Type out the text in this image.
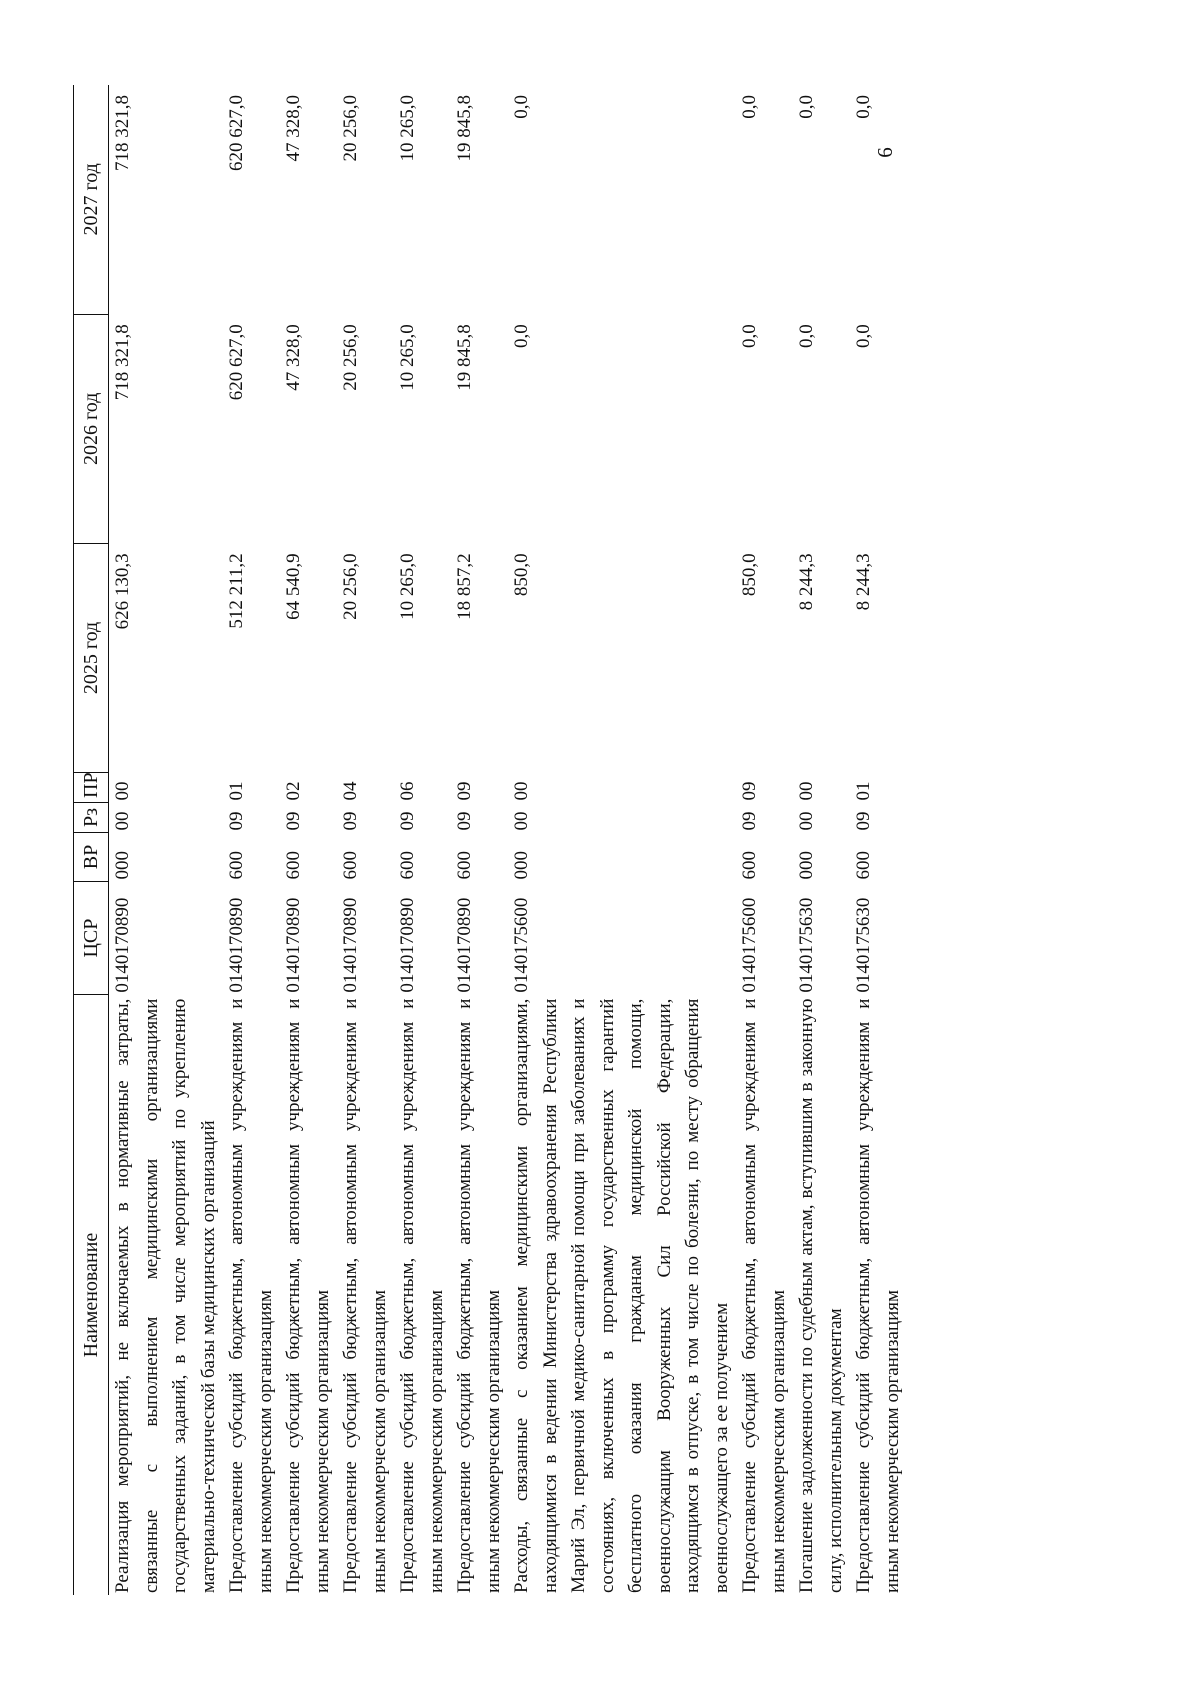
6
Наименование	ЦСР	ВР	Рз	ПР	2025 год	2026 год	2027 год
Реализация мероприятий, не включаемых в нормативные затраты, связанные с выполнением медицинскими организациями государственных заданий, в том числе мероприятий по укреплению материально-технической базы медицинских организаций	0140170890	000	00	00	626 130,3	718 321,8	718 321,8
Предоставление субсидий бюджетным, автономным учреждениям и иным некоммерческим организациям	0140170890	600	09	01	512 211,2	620 627,0	620 627,0
Предоставление субсидий бюджетным, автономным учреждениям и иным некоммерческим организациям	0140170890	600	09	02	64 540,9	47 328,0	47 328,0
Предоставление субсидий бюджетным, автономным учреждениям и иным некоммерческим организациям	0140170890	600	09	04	20 256,0	20 256,0	20 256,0
Предоставление субсидий бюджетным, автономным учреждениям и иным некоммерческим организациям	0140170890	600	09	06	10 265,0	10 265,0	10 265,0
Предоставление субсидий бюджетным, автономным учреждениям и иным некоммерческим организациям	0140170890	600	09	09	18 857,2	19 845,8	19 845,8
Расходы, связанные с оказанием медицинскими организациями, находящимися в ведении Министерства здравоохранения Республики Марий Эл, первичной медико-санитарной помощи при заболеваниях и состояниях, включенных в программу государственных гарантий бесплатного оказания гражданам медицинской помощи, военнослужащим Вооруженных Сил Российской Федерации, находящимся в отпуске, в том числе по болезни, по месту обращения военнослужащего за ее получением	0140175600	000	00	00	850,0	0,0	0,0
Предоставление субсидий бюджетным, автономным учреждениям и иным некоммерческим организациям	0140175600	600	09	09	850,0	0,0	0,0
Погашение задолженности по судебным актам, вступившим в законную силу, исполнительным документам	0140175630	000	00	00	8 244,3	0,0	0,0
Предоставление субсидий бюджетным, автономным учреждениям и иным некоммерческим организациям	0140175630	600	09	01	8 244,3	0,0	0,0
